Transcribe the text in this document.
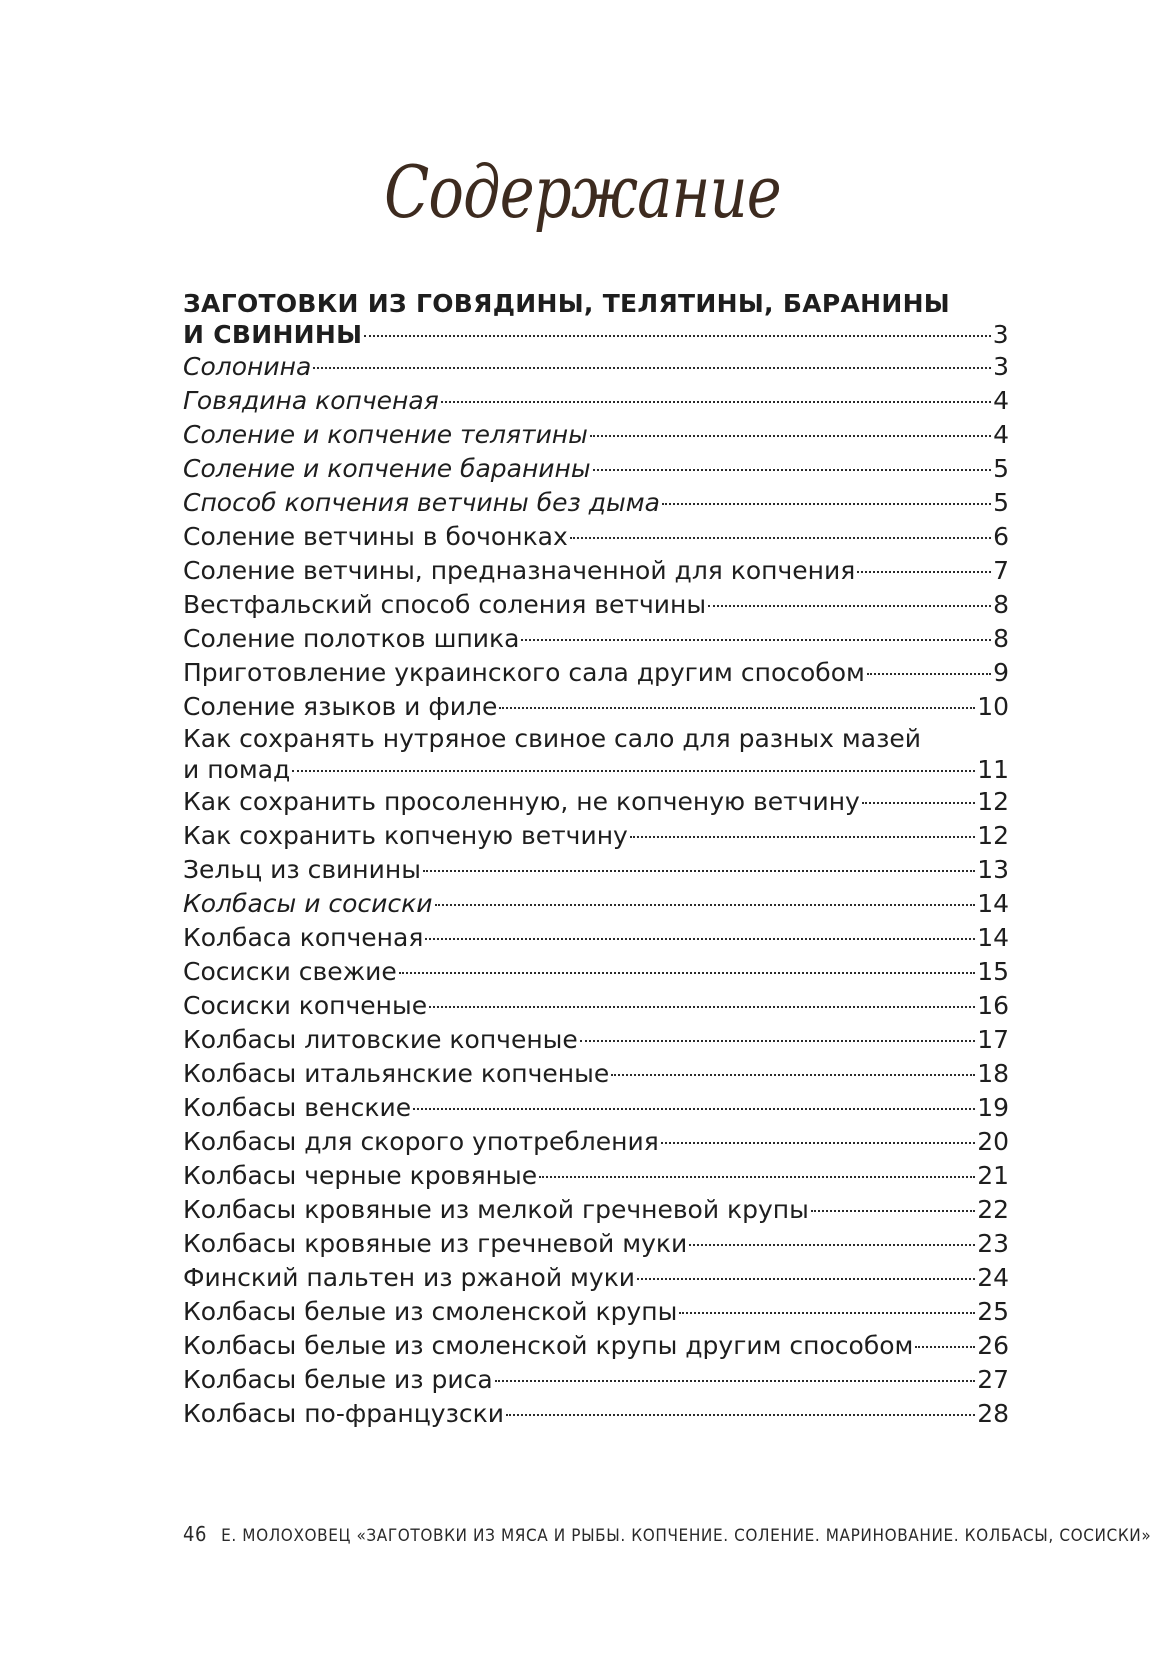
Содержание
ЗАГОТОВКИ ИЗ ГОВЯДИНЫ, ТЕЛЯТИНЫ, БАРАНИНЫ
И СВИНИНЫ	3
Солонина	3
Говядина копченая	4
Соление и копчение телятины	4
Соление и копчение баранины	5
Способ копчения ветчины без дыма	5
Соление ветчины в бочонках	6
Соление ветчины, предназначенной для копчения	7
Вестфальский способ соления ветчины	8
Соление полотков шпика	8
Приготовление украинского сала другим способом	9
Соление языков и филе	10
Как сохранять нутряное свиное сало для разных мазей
и помад	11
Как сохранить просоленную, не копченую ветчину	12
Как сохранить копченую ветчину	12
Зельц из свинины	13
Колбасы и сосиски	14
Колбаса копченая	14
Сосиски свежие	15
Сосиски копченые	16
Колбасы литовские копченые	17
Колбасы итальянские копченые	18
Колбасы венские	19
Колбасы для скорого употребления	20
Колбасы черные кровяные	21
Колбасы кровяные из мелкой гречневой крупы	22
Колбасы кровяные из гречневой муки	23
Финский пальтен из ржаной муки	24
Колбасы белые из смоленской крупы	25
Колбасы белые из смоленской крупы другим способом	26
Колбасы белые из риса	27
Колбасы по-французски	28
46 Е. МОЛОХОВЕЦ «ЗАГОТОВКИ ИЗ МЯСА И РЫБЫ. КОПЧЕНИЕ. СОЛЕНИЕ. МАРИНОВАНИЕ. КОЛБАСЫ, СОСИСКИ»
